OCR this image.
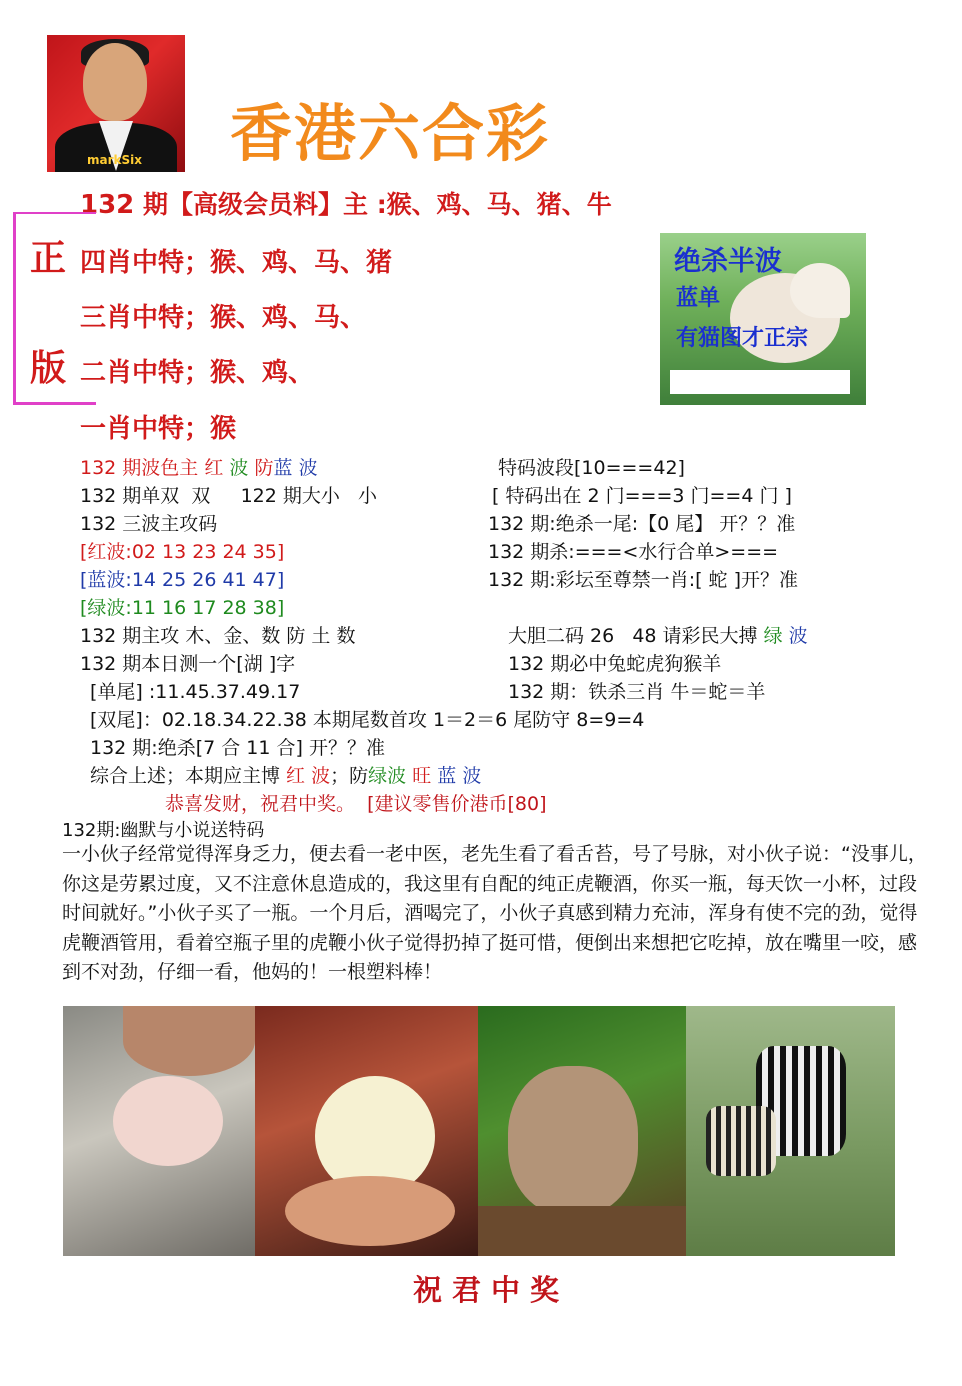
markSix 香港六合彩
132 期【高级会员料】主 :猴、鸡、马、猪、牛
正
版
四肖中特；猴、鸡、马、猪
三肖中特；猴、鸡、马、
二肖中特；猴、鸡、
一肖中特；猴
绝杀半波
蓝单
有猫图才正宗
132 期波色主 红 波 防蓝 波
132 期单双  双     122 期大小   小
132 三波主攻码
[红波:02 13 23 24 35]
[蓝波:14 25 26 41 47]
[绿波:11 16 17 28 38]
132 期主攻 木、金、数 防 土 数
132 期本日测一个[湖 ]字
[单尾] :11.45.37.49.17
[双尾]：02.18.34.22.38 本期尾数首攻 1＝2＝6 尾防守 8=9=4
132 期:绝杀[7 合 11 合] 开？？准
综合上述；本期应主博 红 波；防绿波 旺 蓝 波
恭喜发财，祝君中奖。  [建议零售价港币[80]
特码波段[10===42]
[ 特码出在 2 门===3 门==4 门 ]
132 期:绝杀一尾:【0 尾】 开？？准
132 期杀:===<水行合单>===
132 期:彩坛至尊禁一肖:[ 蛇 ]开？准
大胆二码 26   48 请彩民大搏 绿 波
132 期必中兔蛇虎狗猴羊
132 期：铁杀三肖 牛＝蛇＝羊
132期:幽默与小说送特码
一小伙子经常觉得浑身乏力，便去看一老中医，老先生看了看舌苔，号了号脉，对小伙子说：“没事儿，你这是劳累过度，又不注意休息造成的，我这里有自配的纯正虎鞭酒，你买一瓶，每天饮一小杯，过段时间就好。”小伙子买了一瓶。一个月后，酒喝完了，小伙子真感到精力充沛，浑身有使不完的劲，觉得虎鞭酒管用，看着空瓶子里的虎鞭小伙子觉得扔掉了挺可惜，便倒出来想把它吃掉，放在嘴里一咬，感到不对劲，仔细一看，他妈的！一根塑料棒！
祝君中奖
